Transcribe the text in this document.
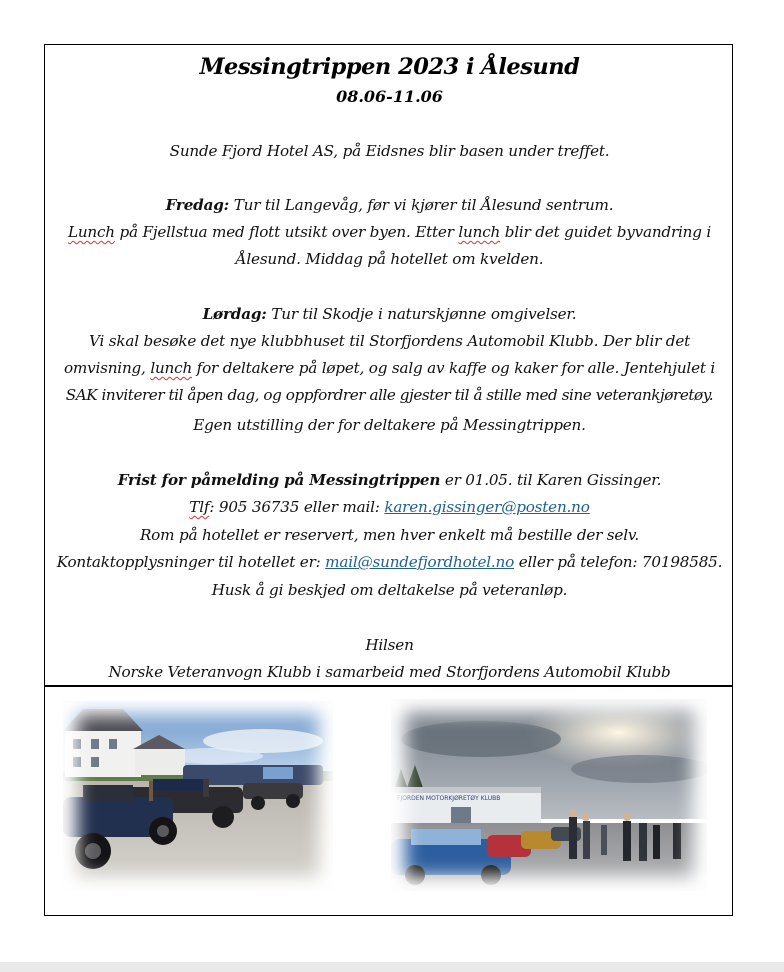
Messingtrippen 2023 i Ålesund
08.06-11.06
Sunde Fjord Hotel AS, på Eidsnes blir basen under treffet.
Fredag: Tur til Langevåg, før vi kjører til Ålesund sentrum.
Lunch på Fjellstua med flott utsikt over byen. Etter lunch blir det guidet byvandring i
Ålesund. Middag på hotellet om kvelden.
Lørdag: Tur til Skodje i naturskjønne omgivelser.
Vi skal besøke det nye klubbhuset til Storfjordens Automobil Klubb. Der blir det
omvisning, lunch for deltakere på løpet, og salg av kaffe og kaker for alle. Jentehjulet i
SAK inviterer til åpen dag, og oppfordrer alle gjester til å stille med sine veterankjøretøy.
Egen utstilling der for deltakere på Messingtrippen.
Frist for påmelding på Messingtrippen er 01.05. til Karen Gissinger.
Tlf: 905 36735 eller mail: karen.gissinger@posten.no
Rom på hotellet er reservert, men hver enkelt må bestille der selv.
Kontaktopplysninger til hotellet er: mail@sundefjordhotel.no eller på telefon: 70198585.
Husk å gi beskjed om deltakelse på veteranløp.
Hilsen
Norske Veteranvogn Klubb i samarbeid med Storfjordens Automobil Klubb
FJORDEN MOTORKJØRETØY KLUBB
